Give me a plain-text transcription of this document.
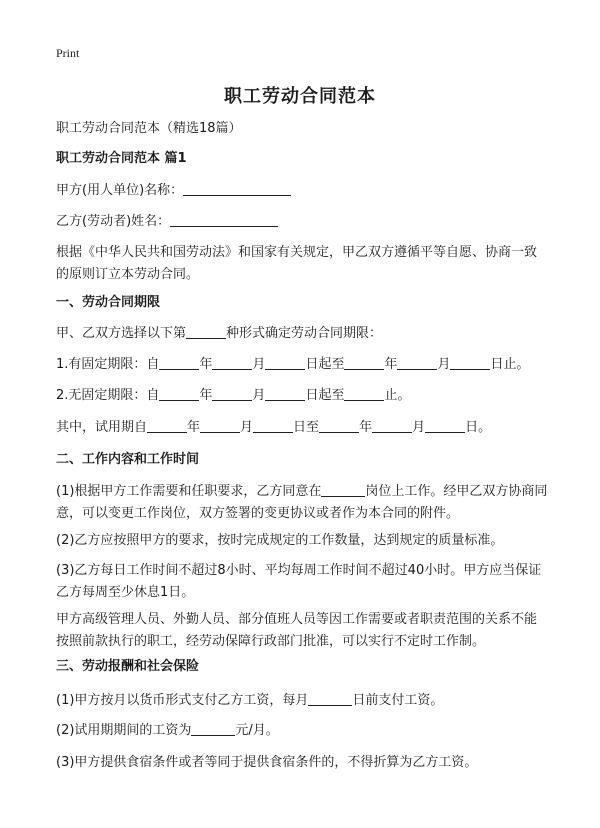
Print
职工劳动合同范本
职工劳动合同范本（精选18篇）
职工劳动合同范本 篇1
甲方(用人单位)名称：
乙方(劳动者)姓名：
根据《中华人民共和国劳动法》和国家有关规定，甲乙双方遵循平等自愿、协商一致的原则订立本劳动合同。
一、劳动合同期限
甲、乙双方选择以下第	种形式确定劳动合同期限：
1.有固定期限：自	年	月	日起至	年	月	日止。
2.无固定期限：自	年	月	日起至	止。
其中，试用期自	年	月	日至	年	月	日。
二、工作内容和工作时间
(1)根据甲方工作需要和任职要求，乙方同意在	岗位上工作。经甲乙双方协商同意，可以变更工作岗位，双方签署的变更协议或者作为本合同的附件。
(2)乙方应按照甲方的要求，按时完成规定的工作数量，达到规定的质量标准。
(3)乙方每日工作时间不超过8小时、平均每周工作时间不超过40小时。甲方应当保证乙方每周至少休息1日。
甲方高级管理人员、外勤人员、部分值班人员等因工作需要或者职责范围的关系不能按照前款执行的职工，经劳动保障行政部门批准，可以实行不定时工作制。
三、劳动报酬和社会保险
(1)甲方按月以货币形式支付乙方工资，每月	日前支付工资。
(2)试用期期间的工资为	元/月。
(3)甲方提供食宿条件或者等同于提供食宿条件的，不得折算为乙方工资。
